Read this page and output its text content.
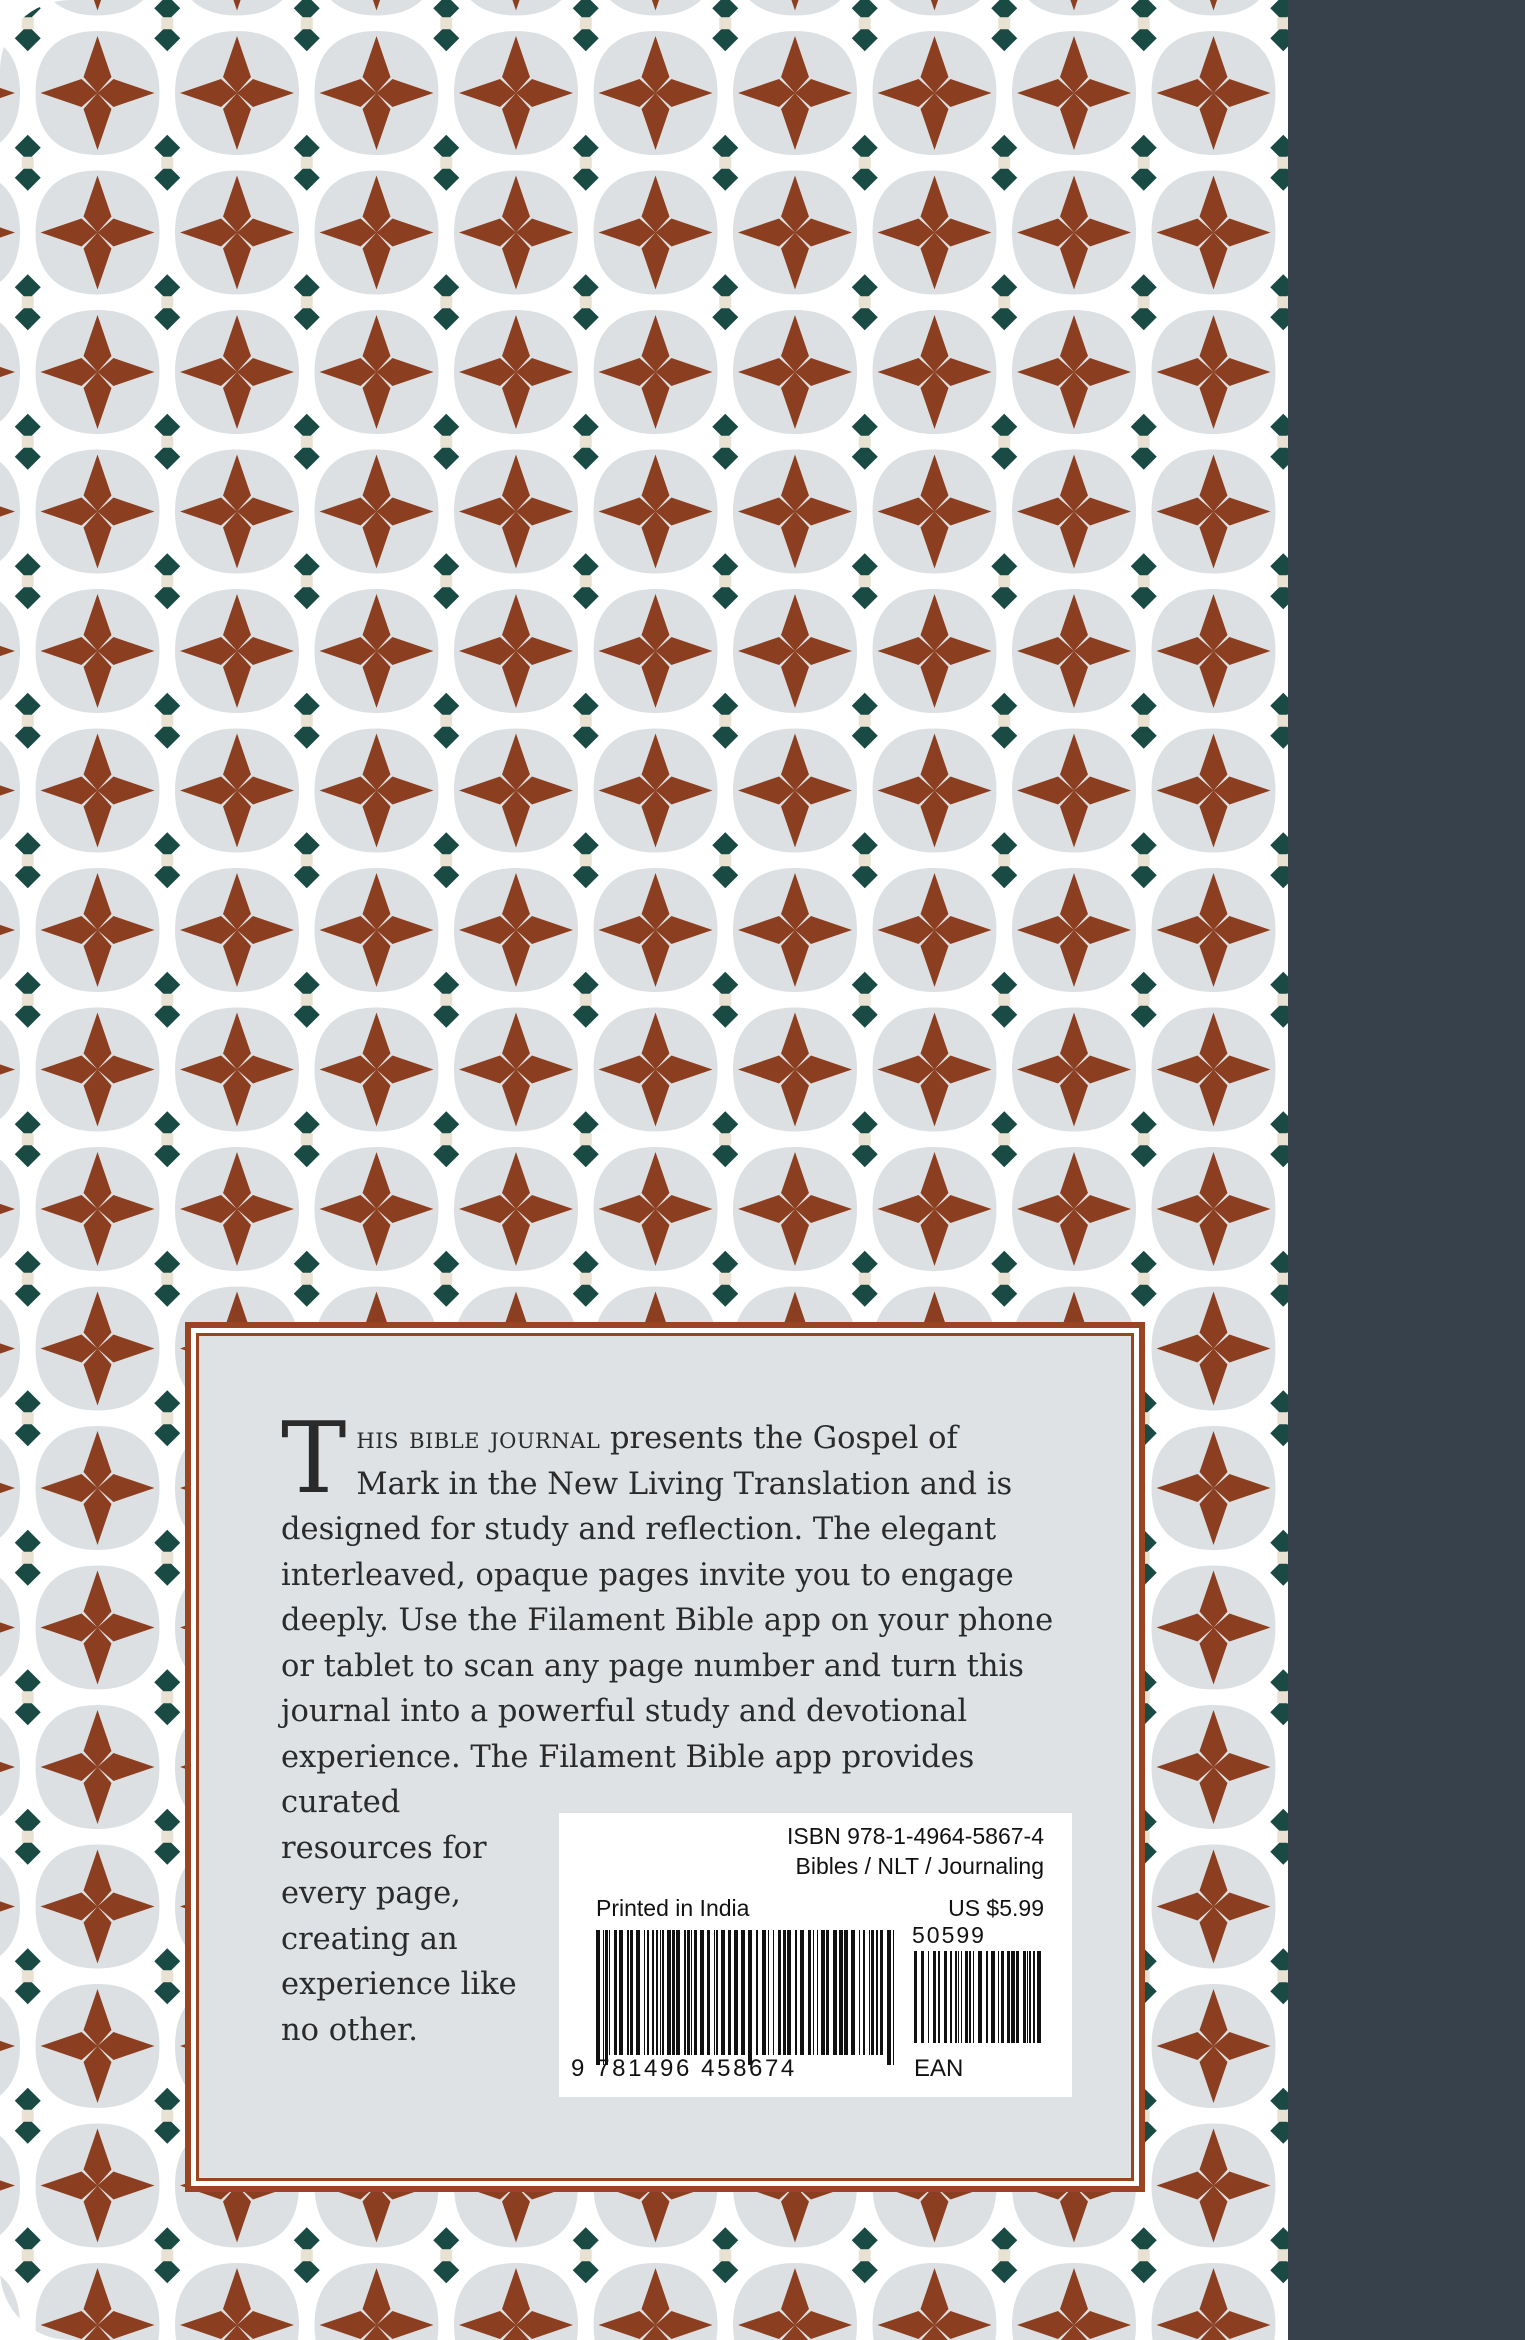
This bible journal presents the Gospel of
Mark in the New Living Translation and is
designed for study and reflection. The elegant
interleaved, opaque pages invite you to engage
deeply. Use the Filament Bible app on your phone
or tablet to scan any page number and turn this
journal into a powerful study and devotional
experience. The Filament Bible app provides
curated
resources for
every page,
creating an
experience like
no other.

ISBN 978-1-4964-5867-4
Bibles / NLT / Journaling
Printed in India	US $5.99
50599
9 781496 458674	EAN
